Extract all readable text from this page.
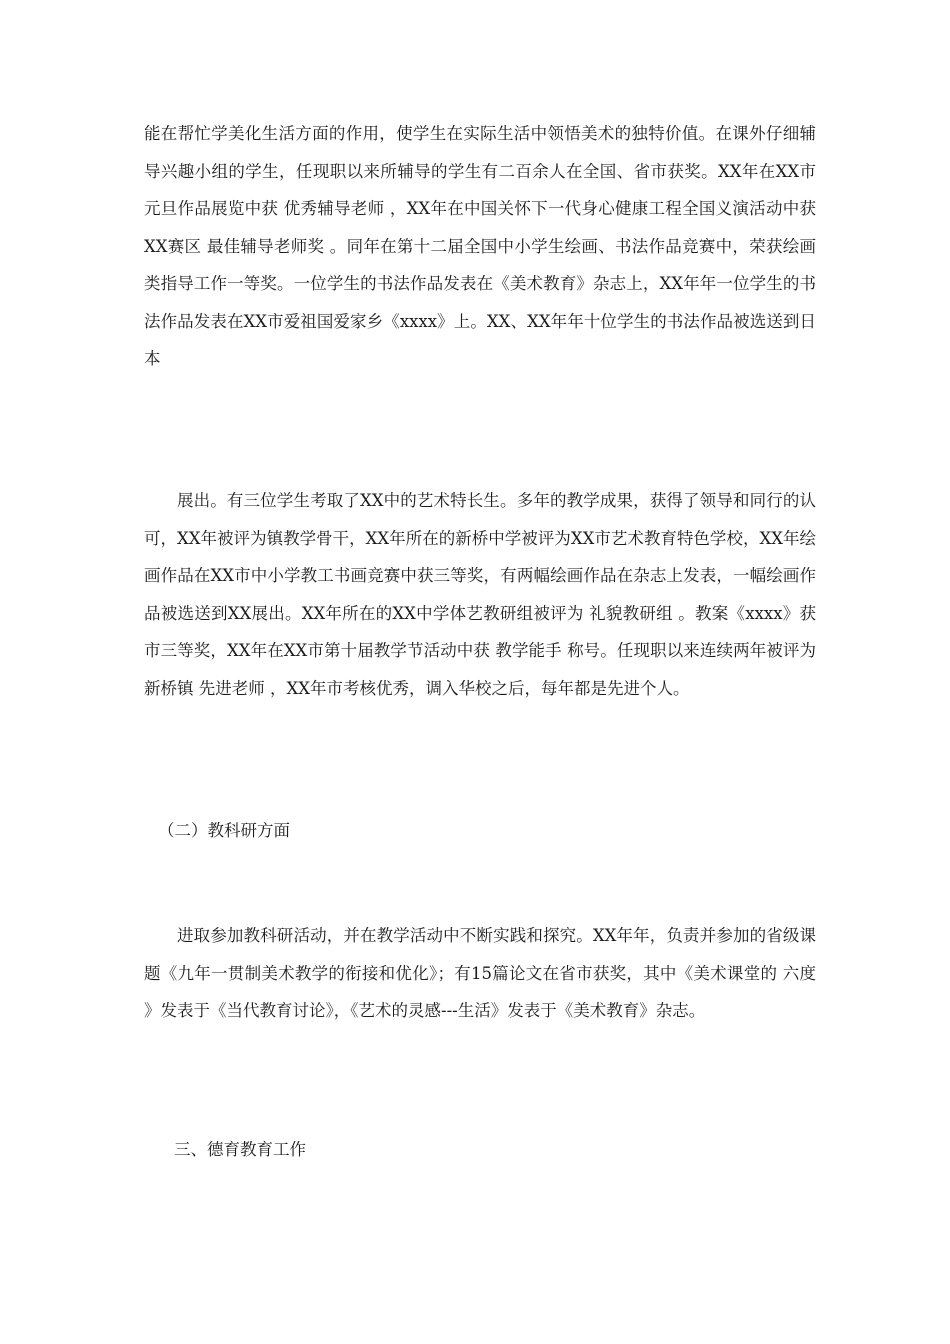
能在帮忙学美化生活方面的作用，使学生在实际生活中领悟美术的独特价值。在课外仔细辅导兴趣小组的学生，任现职以来所辅导的学生有二百余人在全国、省市获奖。XX年在XX市元旦作品展览中获 优秀辅导老师 ，XX年在中国关怀下一代身心健康工程全国义演活动中获XX赛区 最佳辅导老师奖 。同年在第十二届全国中小学生绘画、书法作品竞赛中，荣获绘画类指导工作一等奖。一位学生的书法作品发表在《美术教育》杂志上，XX年年一位学生的书法作品发表在XX市爱祖国爱家乡《xxxx》上。XX、XX年年十位学生的书法作品被选送到日本

展出。有三位学生考取了XX中的艺术特长生。多年的教学成果，获得了领导和同行的认可，XX年被评为镇教学骨干，XX年所在的新桥中学被评为XX市艺术教育特色学校，XX年绘画作品在XX市中小学教工书画竞赛中获三等奖，有两幅绘画作品在杂志上发表，一幅绘画作品被选送到XX展出。XX年所在的XX中学体艺教研组被评为 礼貌教研组 。教案《xxxx》获市三等奖，XX年在XX市第十届教学节活动中获 教学能手 称号。任现职以来连续两年被评为新桥镇 先进老师 ，XX年市考核优秀，调入华校之后，每年都是先进个人。

（二）教科研方面

进取参加教科研活动，并在教学活动中不断实践和探究。XX年年，负责并参加的省级课题《九年一贯制美术教学的衔接和优化》；有15篇论文在省市获奖，其中《美术课堂的 六度 》发表于《当代教育讨论》，《艺术的灵感---生活》发表于《美术教育》杂志。

三、德育教育工作
